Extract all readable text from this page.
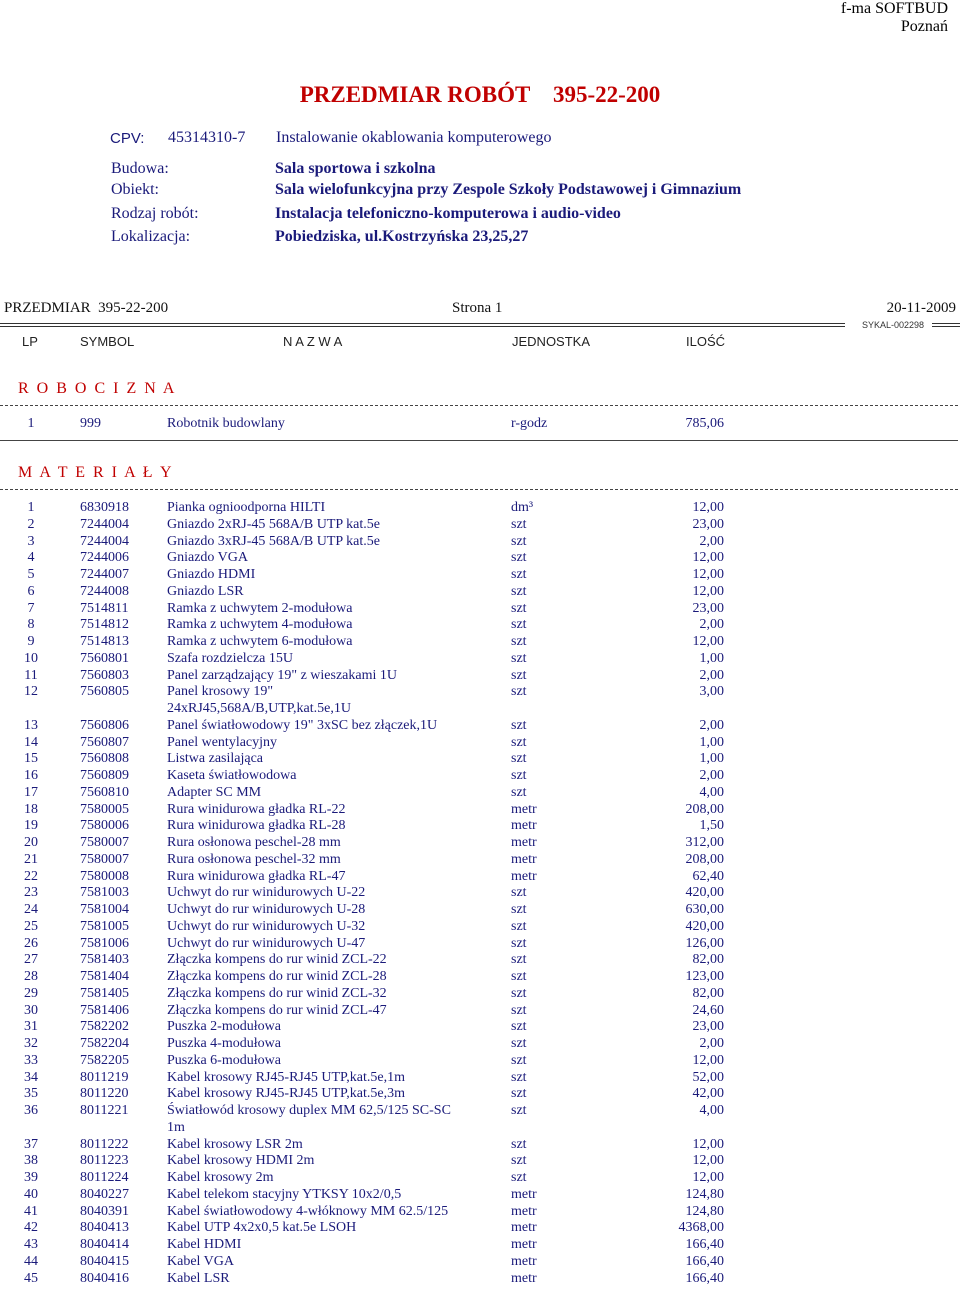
f-ma SOFTBUD
Poznań
PRZEDMIAR ROBÓT    395-22-200
CPV: 45314310-7 Instalowanie okablowania komputerowego
Budowa:	Sala sportowa i szkolna
Obiekt:	Sala wielofunkcyjna przy Zespole Szkoły Podstawowej i Gimnazium
Rodzaj robót:	Instalacja telefoniczno-komputerowa i audio-video
Lokalizacja:	Pobiedziska, ul.Kostrzyńska 23,25,27
PRZEDMIAR  395-22-200	Strona 1	20-11-2009
SYKAL-002298
LP	SYMBOL	N A Z W A	JEDNOSTKA	ILOŚĆ
R O B O C I Z N A
1	999	Robotnik budowlany	r-godz	785,06
M A T E R I A Ł Y
1	6830918	Pianka ognioodporna HILTI	dm³	12,00
2	7244004	Gniazdo 2xRJ-45 568A/B UTP kat.5e	szt	23,00
3	7244004	Gniazdo 3xRJ-45 568A/B UTP kat.5e	szt	2,00
4	7244006	Gniazdo VGA	szt	12,00
5	7244007	Gniazdo HDMI	szt	12,00
6	7244008	Gniazdo LSR	szt	12,00
7	7514811	Ramka z uchwytem 2-modułowa	szt	23,00
8	7514812	Ramka z uchwytem 4-modułowa	szt	2,00
9	7514813	Ramka z uchwytem 6-modułowa	szt	12,00
10	7560801	Szafa rozdzielcza 15U	szt	1,00
11	7560803	Panel zarządzający 19" z wieszakami 1U	szt	2,00
12	7560805	Panel krosowy 19"	szt	3,00
24xRJ45,568A/B,UTP,kat.5e,1U
13	7560806	Panel światłowodowy 19" 3xSC bez złączek,1U	szt	2,00
14	7560807	Panel wentylacyjny	szt	1,00
15	7560808	Listwa zasilająca	szt	1,00
16	7560809	Kaseta światłowodowa	szt	2,00
17	7560810	Adapter SC MM	szt	4,00
18	7580005	Rura winidurowa gładka RL-22	metr	208,00
19	7580006	Rura winidurowa gładka RL-28	metr	1,50
20	7580007	Rura osłonowa peschel-28 mm	metr	312,00
21	7580007	Rura osłonowa peschel-32 mm	metr	208,00
22	7580008	Rura winidurowa gładka RL-47	metr	62,40
23	7581003	Uchwyt do rur winidurowych U-22	szt	420,00
24	7581004	Uchwyt do rur winidurowych U-28	szt	630,00
25	7581005	Uchwyt do rur winidurowych U-32	szt	420,00
26	7581006	Uchwyt do rur winidurowych U-47	szt	126,00
27	7581403	Złączka kompens do rur winid ZCL-22	szt	82,00
28	7581404	Złączka kompens do rur winid ZCL-28	szt	123,00
29	7581405	Złączka kompens do rur winid ZCL-32	szt	82,00
30	7581406	Złączka kompens do rur winid ZCL-47	szt	24,60
31	7582202	Puszka 2-modułowa	szt	23,00
32	7582204	Puszka 4-modułowa	szt	2,00
33	7582205	Puszka 6-modułowa	szt	12,00
34	8011219	Kabel krosowy RJ45-RJ45 UTP,kat.5e,1m	szt	52,00
35	8011220	Kabel krosowy RJ45-RJ45 UTP,kat.5e,3m	szt	42,00
36	8011221	Światłowód krosowy duplex MM 62,5/125 SC-SC	szt	4,00
1m
37	8011222	Kabel krosowy LSR 2m	szt	12,00
38	8011223	Kabel krosowy HDMI 2m	szt	12,00
39	8011224	Kabel krosowy 2m	szt	12,00
40	8040227	Kabel telekom stacyjny YTKSY 10x2/0,5	metr	124,80
41	8040391	Kabel światłowodowy 4-włóknowy MM 62.5/125	metr	124,80
42	8040413	Kabel UTP 4x2x0,5 kat.5e LSOH	metr	4368,00
43	8040414	Kabel HDMI	metr	166,40
44	8040415	Kabel VGA	metr	166,40
45	8040416	Kabel LSR	metr	166,40
